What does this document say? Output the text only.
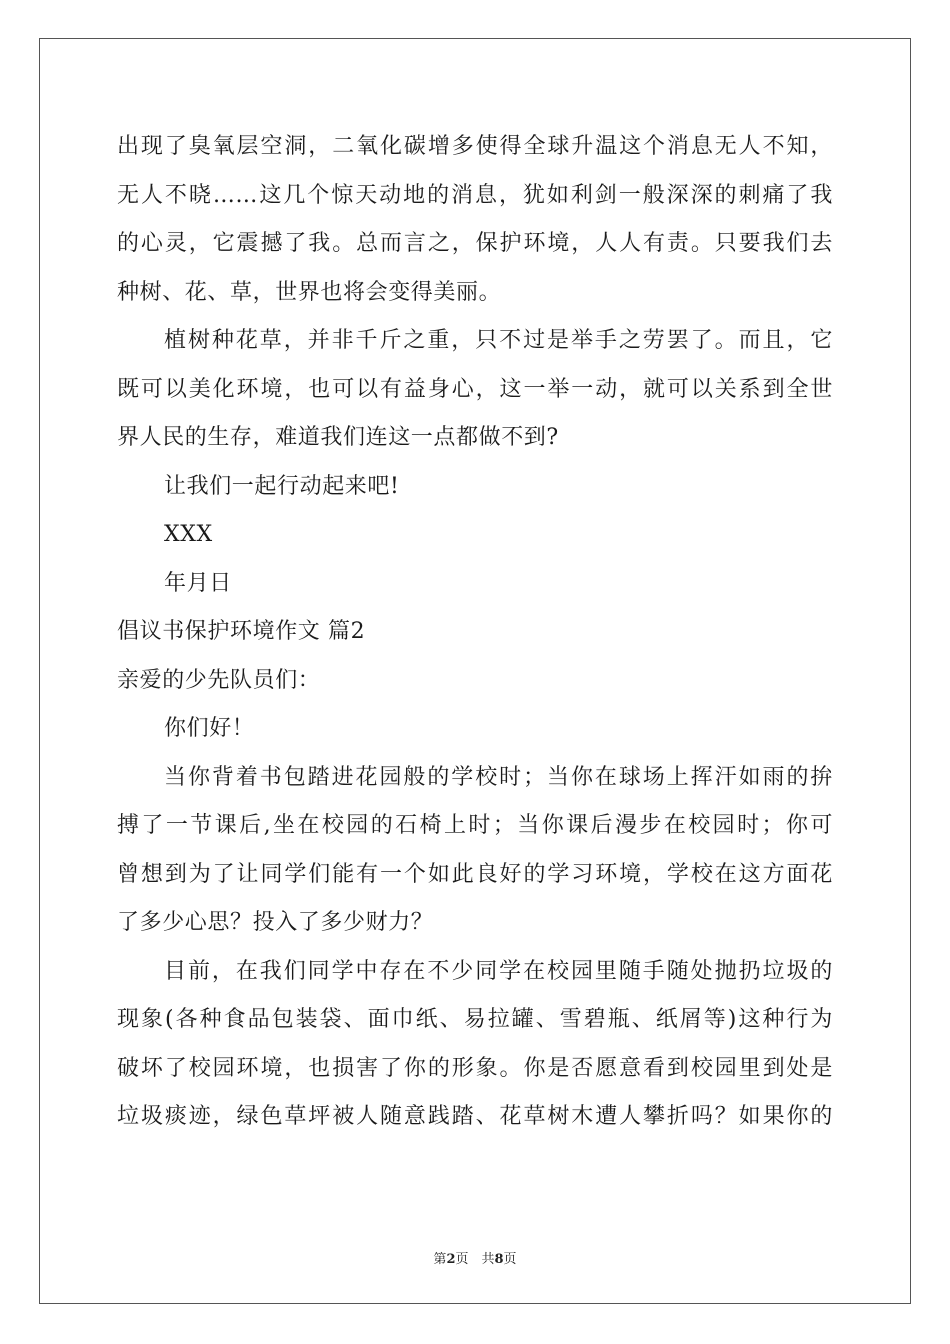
出现了臭氧层空洞，二氧化碳增多使得全球升温这个消息无人不知，
无人不晓……这几个惊天动地的消息，犹如利剑一般深深的刺痛了我
的心灵，它震撼了我。总而言之，保护环境，人人有责。只要我们去
种树、花、草，世界也将会变得美丽。
植树种花草，并非千斤之重，只不过是举手之劳罢了。而且，它
既可以美化环境，也可以有益身心，这一举一动，就可以关系到全世
界人民的生存，难道我们连这一点都做不到?
让我们一起行动起来吧!
XXX
年月日
倡议书保护环境作文 篇2
亲爱的少先队员们：
你们好！
当你背着书包踏进花园般的学校时；当你在球场上挥汗如雨的拚
搏了一节课后,坐在校园的石椅上时；当你课后漫步在校园时；你可
曾想到为了让同学们能有一个如此良好的学习环境，学校在这方面花
了多少心思？投入了多少财力？
目前，在我们同学中存在不少同学在校园里随手随处抛扔垃圾的
现象(各种食品包装袋、面巾纸、易拉罐、雪碧瓶、纸屑等)这种行为
破坏了校园环境，也损害了你的形象。你是否愿意看到校园里到处是
垃圾痰迹，绿色草坪被人随意践踏、花草树木遭人攀折吗？如果你的
第2页　共8页
